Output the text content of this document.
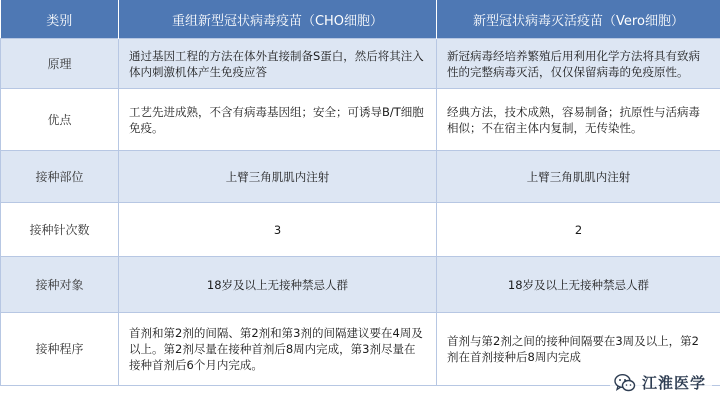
类别	重组新型冠状病毒疫苗（CHO细胞）	新型冠状病毒灭活疫苗（Vero细胞）
原理	通过基因工程的方法在体外直接制备S蛋白，然后将其注入体内刺激机体产生免疫应答	新冠病毒经培养繁殖后用利用化学方法将具有致病性的完整病毒灭活，仅仅保留病毒的免疫原性。
优点	工艺先进成熟，不含有病毒基因组；安全；可诱导B/T细胞免疫。	经典方法，技术成熟，容易制备；抗原性与活病毒相似；不在宿主体内复制，无传染性。
接种部位	上臂三角肌肌内注射	上臂三角肌肌内注射
接种针次数	3	2
接种对象	18岁及以上无接种禁忌人群	18岁及以上无接种禁忌人群
接种程序	首剂和第2剂的间隔、第2剂和第3剂的间隔建议要在4周及以上。第2剂尽量在接种首剂后8周内完成，第3剂尽量在接种首剂后6个月内完成。	首剂与第2剂之间的接种间隔要在3周及以上，第2剂在首剂接种后8周内完成
江淮医学
